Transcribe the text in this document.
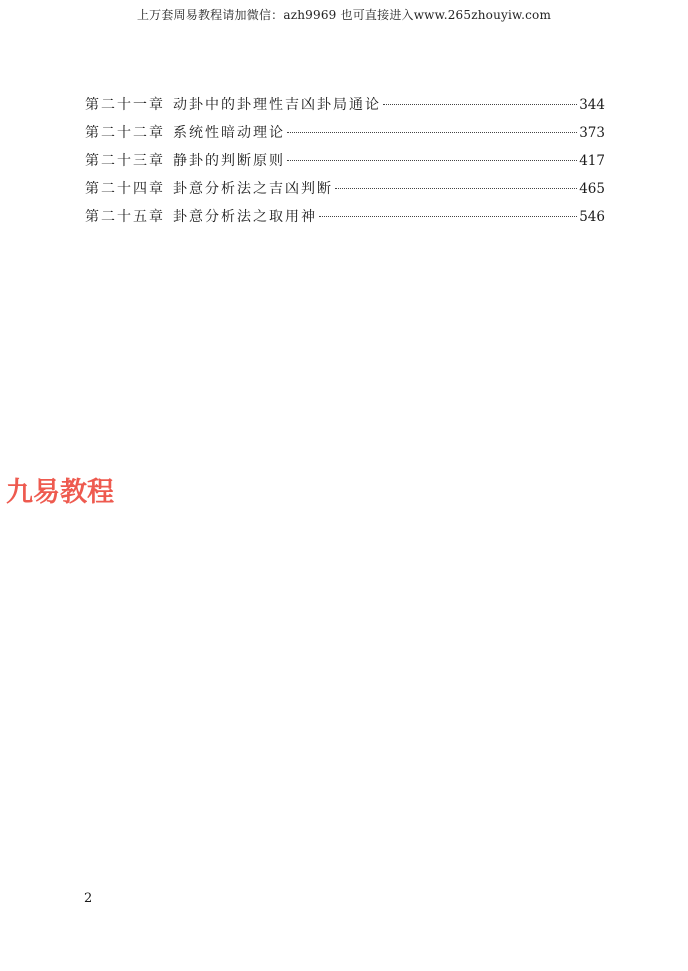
上万套周易教程请加微信：azh9969 也可直接进入www.265zhouyiw.com
第二十一章 动卦中的卦理性吉凶卦局通论	344
第二十二章 系统性暗动理论	373
第二十三章 静卦的判断原则	417
第二十四章 卦意分析法之吉凶判断	465
第二十五章 卦意分析法之取用神	546
九易教程
2
